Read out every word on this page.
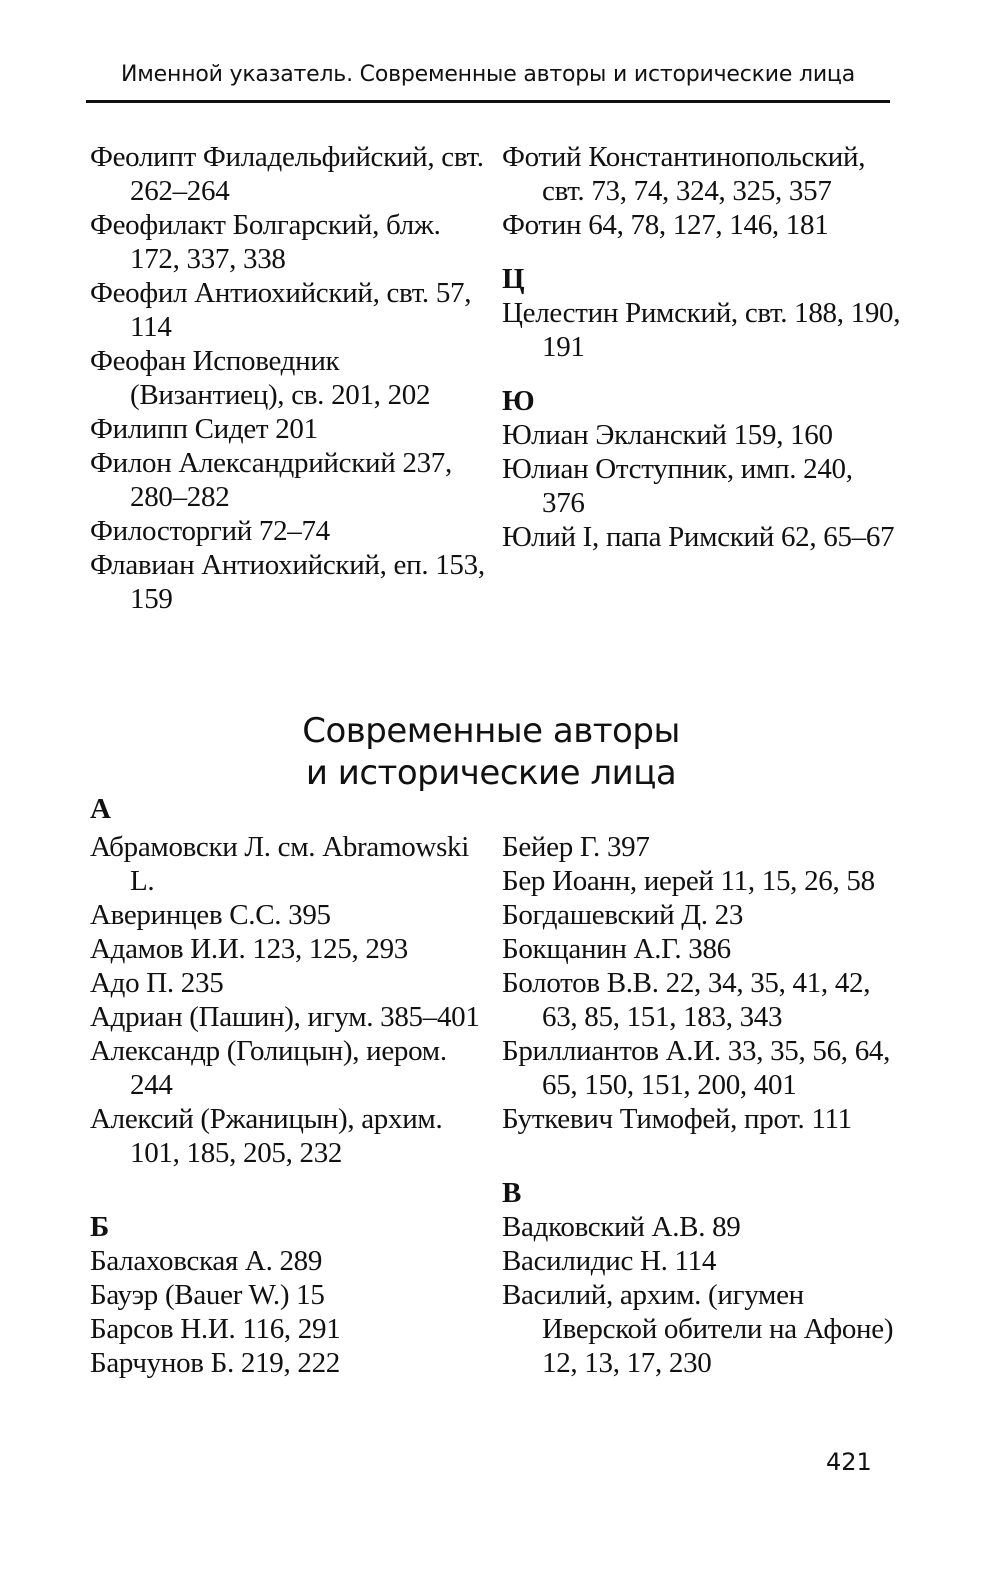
Именной указатель. Современные авторы и исторические лица
Феолипт Филадельфийский, свт. 262–264
Феофилакт Болгарский, блж. 172, 337, 338
Феофил Антиохийский, свт. 57, 114
Феофан Исповедник (Византиец), св. 201, 202
Филипп Сидет 201
Филон Александрийский 237, 280–282
Филосторгий 72–74
Флавиан Антиохийский, еп. 153, 159
Фотий Константинопольский, свт. 73, 74, 324, 325, 357
Фотин 64, 78, 127, 146, 181
Ц
Целестин Римский, свт. 188, 190, 191
Ю
Юлиан Экланский 159, 160
Юлиан Отступник, имп. 240, 376
Юлий I, папа Римский 62, 65–67
Современные авторы
и исторические лица
А
Абрамовски Л. см. Abramowski L.
Аверинцев С.С. 395
Адамов И.И. 123, 125, 293
Адо П. 235
Адриан (Пашин), игум. 385–401
Александр (Голицын), иером. 244
Алексий (Ржаницын), архим. 101, 185, 205, 232
Б
Балаховская А. 289
Бауэр (Bauer W.) 15
Барсов Н.И. 116, 291
Барчунов Б. 219, 222
Бейер Г. 397
Бер Иоанн, иерей 11, 15, 26, 58
Богдашевский Д. 23
Бокщанин А.Г. 386
Болотов В.В. 22, 34, 35, 41, 42, 63, 85, 151, 183, 343
Бриллиантов А.И. 33, 35, 56, 64, 65, 150, 151, 200, 401
Буткевич Тимофей, прот. 111
В
Вадковский А.В. 89
Василидис Н. 114
Василий, архим. (игумен Иверской обители на Афоне) 12, 13, 17, 230
421
